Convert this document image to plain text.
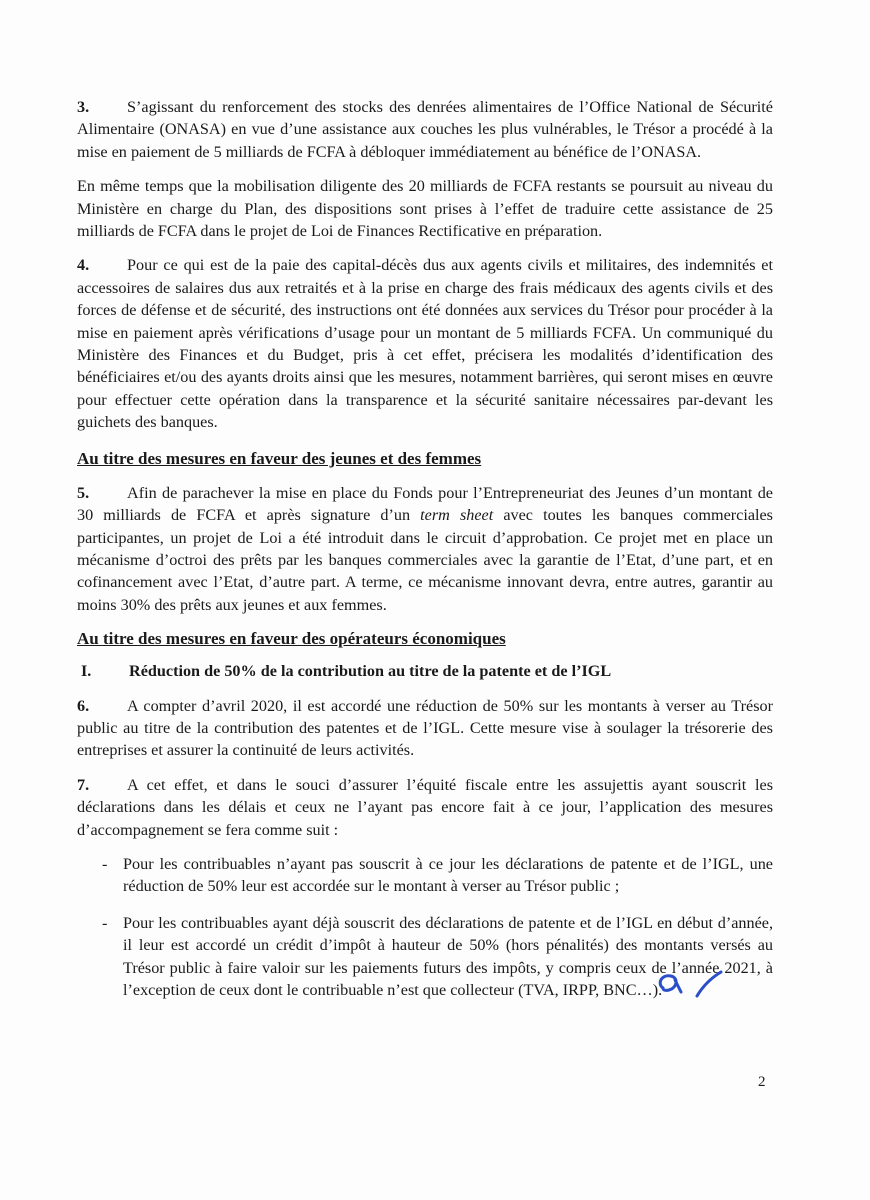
3. S’agissant du renforcement des stocks des denrées alimentaires de l’Office National de Sécurité Alimentaire (ONASA) en vue d’une assistance aux couches les plus vulnérables, le Trésor a procédé à la mise en paiement de 5 milliards de FCFA à débloquer immédiatement au bénéfice de l’ONASA.

En même temps que la mobilisation diligente des 20 milliards de FCFA restants se poursuit au niveau du Ministère en charge du Plan, des dispositions sont prises à l’effet de traduire cette assistance de 25 milliards de FCFA dans le projet de Loi de Finances Rectificative en préparation.

4. Pour ce qui est de la paie des capital-décès dus aux agents civils et militaires, des indemnités et accessoires de salaires dus aux retraités et à la prise en charge des frais médicaux des agents civils et des forces de défense et de sécurité, des instructions ont été données aux services du Trésor pour procéder à la mise en paiement après vérifications d’usage pour un montant de 5 milliards FCFA. Un communiqué du Ministère des Finances et du Budget, pris à cet effet, précisera les modalités d’identification des bénéficiaires et/ou des ayants droits ainsi que les mesures, notamment barrières, qui seront mises en œuvre pour effectuer cette opération dans la transparence et la sécurité sanitaire nécessaires par-devant les guichets des banques.

Au titre des mesures en faveur des jeunes et des femmes

5. Afin de parachever la mise en place du Fonds pour l’Entrepreneuriat des Jeunes d’un montant de 30 milliards de FCFA et après signature d’un term sheet avec toutes les banques commerciales participantes, un projet de Loi a été introduit dans le circuit d’approbation. Ce projet met en place un mécanisme d’octroi des prêts par les banques commerciales avec la garantie de l’Etat, d’une part, et en cofinancement avec l’Etat, d’autre part. A terme, ce mécanisme innovant devra, entre autres, garantir au moins 30% des prêts aux jeunes et aux femmes.

Au titre des mesures en faveur des opérateurs économiques
I. Réduction de 50% de la contribution au titre de la patente et de l’IGL

6. A compter d’avril 2020, il est accordé une réduction de 50% sur les montants à verser au Trésor public au titre de la contribution des patentes et de l’IGL. Cette mesure vise à soulager la trésorerie des entreprises et assurer la continuité de leurs activités.

7. A cet effet, et dans le souci d’assurer l’équité fiscale entre les assujettis ayant souscrit les déclarations dans les délais et ceux ne l’ayant pas encore fait à ce jour, l’application des mesures d’accompagnement se fera comme suit :

- Pour les contribuables n’ayant pas souscrit à ce jour les déclarations de patente et de l’IGL, une réduction de 50% leur est accordée sur le montant à verser au Trésor public ;
- Pour les contribuables ayant déjà souscrit des déclarations de patente et de l’IGL en début d’année, il leur est accordé un crédit d’impôt à hauteur de 50% (hors pénalités) des montants versés au Trésor public à faire valoir sur les paiements futurs des impôts, y compris ceux de l’année 2021, à l’exception de ceux dont le contribuable n’est que collecteur (TVA, IRPP, BNC…).
2
